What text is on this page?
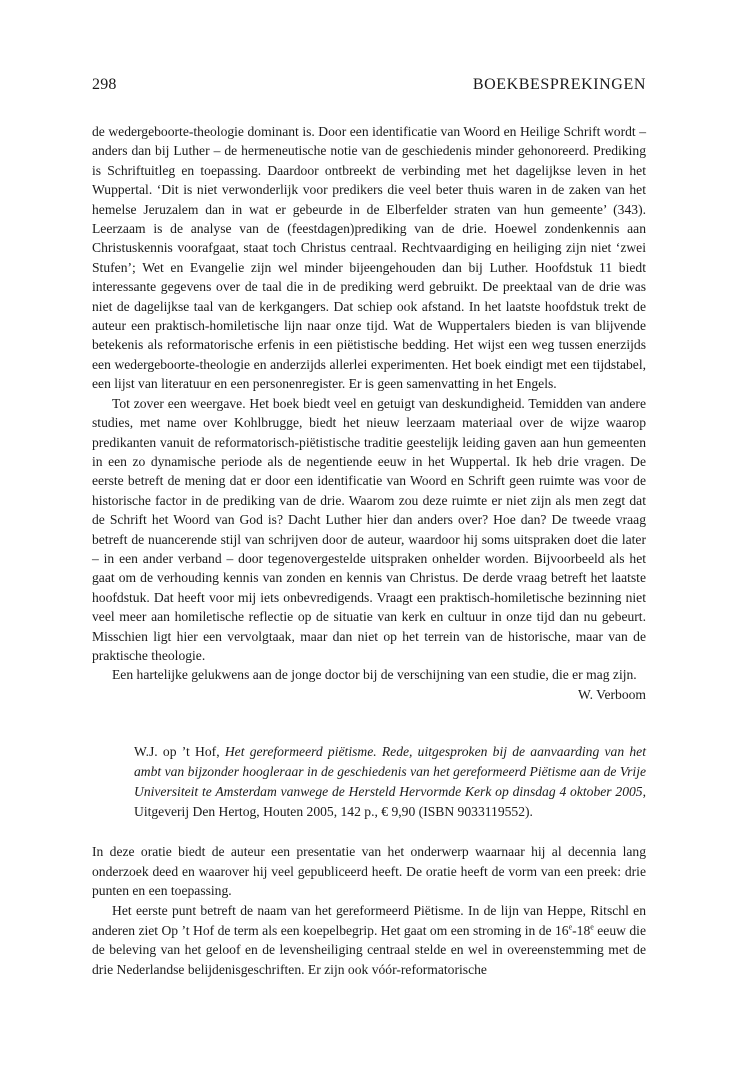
298	BOEKBESPREKINGEN

de wedergeboorte-theologie dominant is. Door een identificatie van Woord en Heilige Schrift wordt – anders dan bij Luther – de hermeneutische notie van de geschiedenis minder gehonoreerd. Prediking is Schriftuitleg en toepassing. Daardoor ontbreekt de verbinding met het dagelijkse leven in het Wuppertal. ‘Dit is niet verwonderlijk voor predikers die veel beter thuis waren in de zaken van het hemelse Jeruzalem dan in wat er gebeurde in de Elberfelder straten van hun gemeente’ (343). Leerzaam is de analyse van de (feestdagen)prediking van de drie. Hoewel zondenkennis aan Christuskennis voorafgaat, staat toch Christus centraal. Rechtvaardiging en heiliging zijn niet ‘zwei Stufen’; Wet en Evangelie zijn wel minder bijeengehouden dan bij Luther. Hoofdstuk 11 biedt interessante gegevens over de taal die in de prediking werd gebruikt. De preektaal van de drie was niet de dagelijkse taal van de kerkgangers. Dat schiep ook afstand. In het laatste hoofdstuk trekt de auteur een praktisch-homiletische lijn naar onze tijd. Wat de Wuppertalers bieden is van blijvende betekenis als reformatorische erfenis in een piëtistische bedding. Het wijst een weg tussen enerzijds een wedergeboorte-theologie en anderzijds allerlei experimenten. Het boek eindigt met een tijdstabel, een lijst van literatuur en een personenregister. Er is geen samenvatting in het Engels.

Tot zover een weergave. Het boek biedt veel en getuigt van deskundigheid. Temidden van andere studies, met name over Kohlbrugge, biedt het nieuw leerzaam materiaal over de wijze waarop predikanten vanuit de reformatorisch-piëtistische traditie geestelijk leiding gaven aan hun gemeenten in een zo dynamische periode als de negentiende eeuw in het Wuppertal. Ik heb drie vragen. De eerste betreft de mening dat er door een identificatie van Woord en Schrift geen ruimte was voor de historische factor in de prediking van de drie. Waarom zou deze ruimte er niet zijn als men zegt dat de Schrift het Woord van God is? Dacht Luther hier dan anders over? Hoe dan? De tweede vraag betreft de nuancerende stijl van schrijven door de auteur, waardoor hij soms uitspraken doet die later – in een ander verband – door tegenovergestelde uitspraken onhelder worden. Bijvoorbeeld als het gaat om de verhouding kennis van zonden en kennis van Christus. De derde vraag betreft het laatste hoofdstuk. Dat heeft voor mij iets onbevredigends. Vraagt een praktisch-homiletische bezinning niet veel meer aan homiletische reflectie op de situatie van kerk en cultuur in onze tijd dan nu gebeurt. Misschien ligt hier een vervolgtaak, maar dan niet op het terrein van de historische, maar van de praktische theologie.

Een hartelijke gelukwens aan de jonge doctor bij de verschijning van een studie, die er mag zijn.

W. Verboom

W.J. op ’t Hof, Het gereformeerd piëtisme. Rede, uitgesproken bij de aanvaarding van het ambt van bijzonder hoogleraar in de geschiedenis van het gereformeerd Piëtisme aan de Vrije Universiteit te Amsterdam vanwege de Hersteld Hervormde Kerk op dinsdag 4 oktober 2005, Uitgeverij Den Hertog, Houten 2005, 142 p., € 9,90 (ISBN 9033119552).

In deze oratie biedt de auteur een presentatie van het onderwerp waarnaar hij al decennia lang onderzoek deed en waarover hij veel gepubliceerd heeft. De oratie heeft de vorm van een preek: drie punten en een toepassing.

Het eerste punt betreft de naam van het gereformeerd Piëtisme. In de lijn van Heppe, Ritschl en anderen ziet Op ’t Hof de term als een koepelbegrip. Het gaat om een stroming in de 16e-18e eeuw die de beleving van het geloof en de levensheiliging centraal stelde en wel in overeenstemming met de drie Nederlandse belijdenisgeschriften. Er zijn ook vóór-reformatorische
